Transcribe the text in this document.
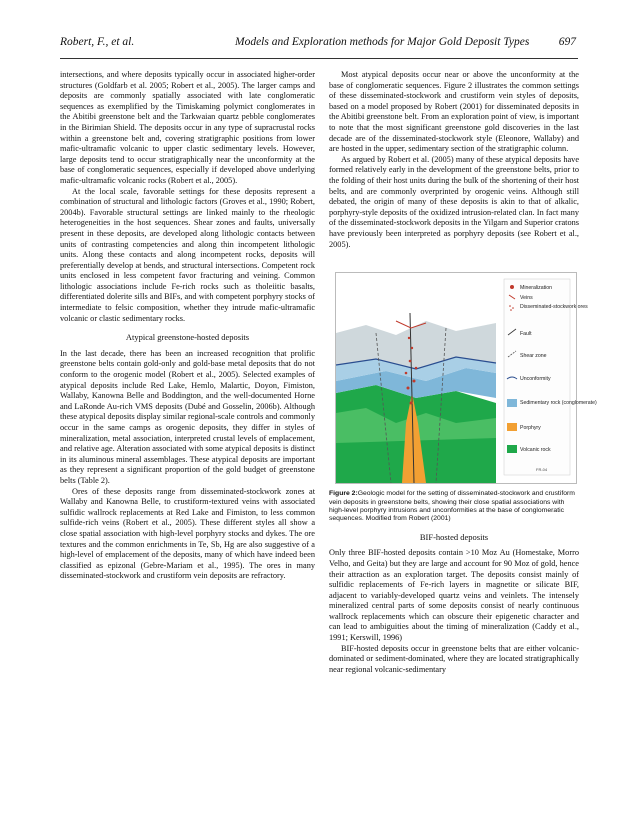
Robert, F., et al.	Models and Exploration methods for Major Gold Deposit Types	697

intersections, and where deposits typically occur in associated higher-order structures (Goldfarb et al. 2005; Robert et al., 2005). The larger camps and deposits are commonly spatially associated with late conglomeratic sequences as exemplified by the Timiskaming polymict conglomerates in the Abitibi greenstone belt and the Tarkwaian quartz pebble conglomerates in the Birimian Shield. The deposits occur in any type of supracrustal rocks within a greenstone belt and, covering stratigraphic positions from lower mafic-ultramafic volcanic to upper clastic sedimentary levels. However, large deposits tend to occur stratigraphically near the unconformity at the base of conglomeratic sequences, especially if developed above underlying mafic-ultramafic volcanic rocks (Robert et al., 2005).

At the local scale, favorable settings for these deposits represent a combination of structural and lithologic factors (Groves et al., 1990; Robert, 2004b). Favorable structural settings are linked mainly to the rheologic heterogeneities in the host sequences. Shear zones and faults, universally present in these deposits, are developed along lithologic contacts between units of contrasting competencies and along thin incompetent lithologic units. Along these contacts and along incompetent rocks, deposits will preferentially develop at bends, and structural intersections. Competent rock units enclosed in less competent favor fracturing and veining. Common lithologic associations include Fe-rich rocks such as tholeiitic basalts, differentiated dolerite sills and BIFs, and with competent porphyry stocks of intermediate to felsic composition, whether they intrude mafic-ultramafic volcanic or clastic sedimentary rocks.

Atypical greenstone-hosted deposits

In the last decade, there has been an increased recognition that prolific greenstone belts contain gold-only and gold-base metal deposits that do not conform to the orogenic model (Robert et al., 2005). Selected examples of atypical deposits include Red Lake, Hemlo, Malartic, Doyon, Fimiston, Wallaby, Kanowna Belle and Boddington, and the well-documented Horne and LaRonde Au-rich VMS deposits (Dubé and Gosselin, 2006b). Although these atypical deposits display similar regional-scale controls and commonly occur in the same camps as orogenic deposits, they differ in styles of mineralization, metal association, interpreted crustal levels of emplacement, and relative age. Alteration associated with some atypical deposits is distinct in its aluminous mineral assemblages. These atypical deposits are important as they represent a significant proportion of the gold budget of greenstone belts (Table 2).

Ores of these deposits range from disseminated-stockwork zones at Wallaby and Kanowna Belle, to crustiform-textured veins with associated sulfidic wallrock replacements at Red Lake and Fimiston, to less common sulfide-rich veins (Robert et al., 2005). These different styles all show a close spatial association with high-level porphyry stocks and dykes. The ore textures and the common enrichments in Te, Sb, Hg are also suggestive of a high-level of emplacement of the deposits, many of which have indeed been classified as epizonal (Gebre-Mariam et al., 1995). The ores in many disseminated-stockwork and crustiform vein deposits are refractory.

Most atypical deposits occur near or above the unconformity at the base of conglomeratic sequences. Figure 2 illustrates the common settings of these disseminated-stockwork and crustiform vein styles of deposits, based on a model proposed by Robert (2001) for disseminated deposits in the Abitibi greenstone belt. From an exploration point of view, is important to note that the most significant greenstone gold discoveries in the last decade are of the disseminated-stockwork style (Eleonore, Wallaby) and are hosted in the upper, sedimentary section of the stratigraphic column.

As argued by Robert et al. (2005) many of these atypical deposits have formed relatively early in the development of the greenstone belts, prior to the folding of their host units during the bulk of the shortening of their host belts, and are commonly overprinted by orogenic veins. Although still debated, the origin of many of these deposits is akin to that of alkalic, porphyry-style deposits of the oxidized intrusion-related clan. In fact many of the disseminated-stockwork deposits in the Yilgarn and Superior cratons have previously been interpreted as porphyry deposits (see Robert et al., 2005).

Mineralization
Veins
Disseminated-stockwork ores
Fault
Shear zone
Unconformity
Sedimentary rock (conglomerate)
Porphyry
Volcanic rock
FR-04

Figure 2:Geologic model for the setting of disseminated-stockwork and crustiform vein deposits in greenstone belts, showing their close spatial associations with high-level porphyry intrusions and unconformities at the base of conglomeratic sequences. Modified from Robert (2001)

BIF-hosted deposits

Only three BIF-hosted deposits contain >10 Moz Au (Homestake, Morro Velho, and Geita) but they are large and account for 90 Moz of gold, hence their attraction as an exploration target. The deposits consist mainly of sulfidic replacements of Fe-rich layers in magnetite or silicate BIF, adjacent to variably-developed quartz veins and veinlets. The intensely mineralized central parts of some deposits consist of nearly continuous wallrock replacements which can obscure their epigenetic character and can lead to ambiguities about the timing of mineralization (Caddy et al., 1991; Kerswill, 1996)

BIF-hosted deposits occur in greenstone belts that are either volcanic-dominated or sediment-dominated, where they are located stratigraphically near regional volcanic-sedimentary
